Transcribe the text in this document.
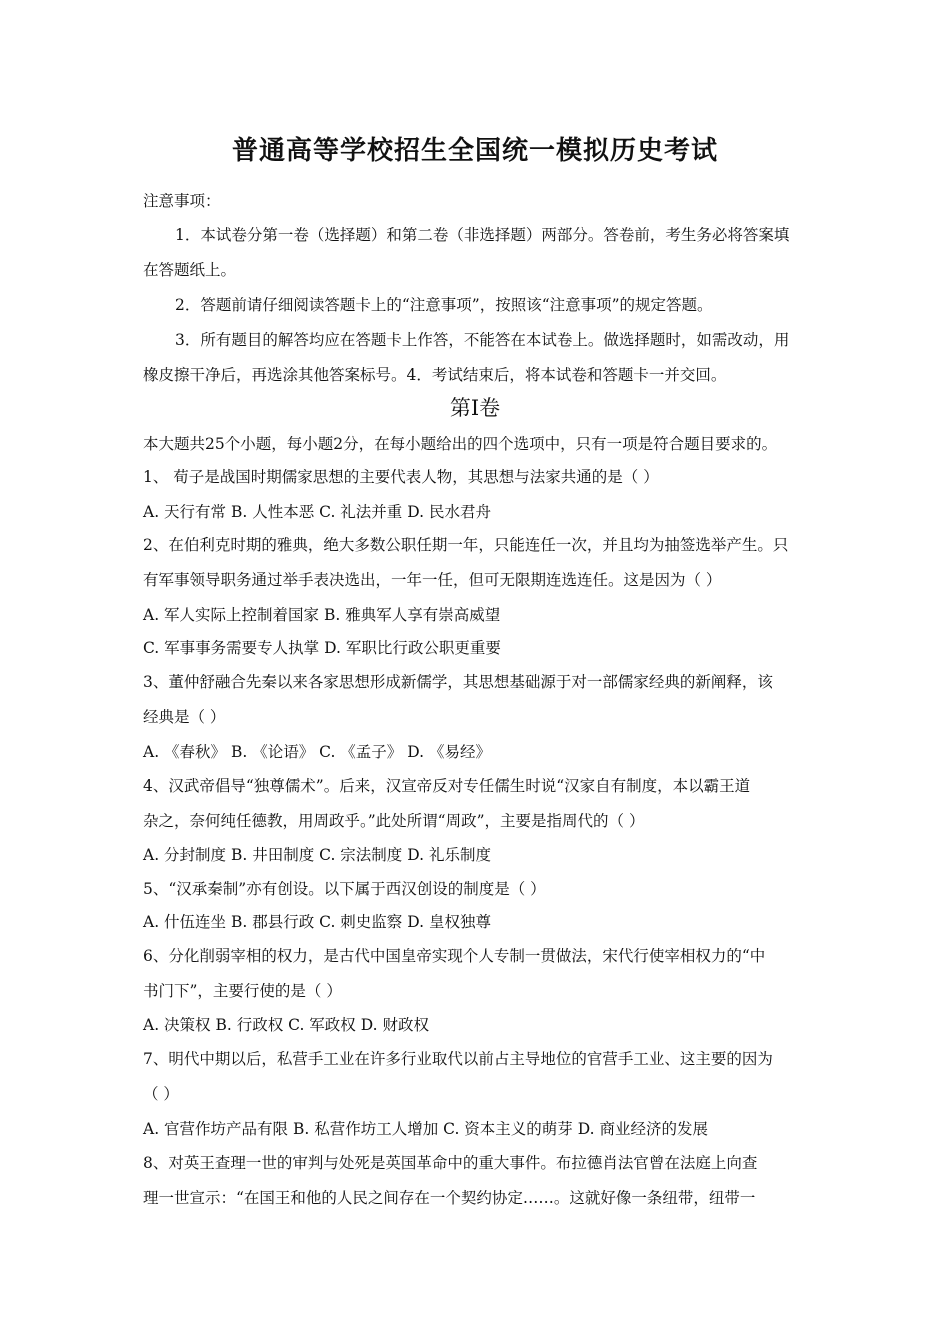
普通高等学校招生全国统一模拟历史考试
注意事项：
1．本试卷分第一卷（选择题）和第二卷（非选择题）两部分。答卷前，考生务必将答案填
在答题纸上。
2．答题前请仔细阅读答题卡上的“注意事项”，按照该“注意事项”的规定答题。
3．所有题目的解答均应在答题卡上作答，不能答在本试卷上。做选择题时，如需改动，用
橡皮擦干净后，再选涂其他答案标号。4．考试结束后，将本试卷和答题卡一并交回。
第Ⅰ卷
本大题共25个小题，每小题2分，在每小题给出的四个选项中，只有一项是符合题目要求的。
1、 荀子是战国时期儒家思想的主要代表人物，其思想与法家共通的是（ ）
A. 天行有常 B. 人性本恶 C. 礼法并重 D. 民水君舟
2、在伯利克时期的雅典，绝大多数公职任期一年，只能连任一次，并且均为抽签选举产生。只
有军事领导职务通过举手表决选出，一年一任，但可无限期连选连任。这是因为（ ）
A. 军人实际上控制着国家 B. 雅典军人享有崇高威望
C. 军事事务需要专人执掌 D. 军职比行政公职更重要
3、董仲舒融合先秦以来各家思想形成新儒学，其思想基础源于对一部儒家经典的新阐释，该
经典是（ ）
A. 《春秋》 B. 《论语》 C. 《孟子》 D. 《易经》
4、汉武帝倡导“独尊儒术”。后来，汉宣帝反对专任儒生时说“汉家自有制度，本以霸王道
杂之，奈何纯任德教，用周政乎。”此处所谓“周政”，主要是指周代的（ ）
A. 分封制度 B. 井田制度 C. 宗法制度 D. 礼乐制度
5、“汉承秦制”亦有创设。以下属于西汉创设的制度是（ ）
A. 什伍连坐 B. 郡县行政 C. 刺史监察 D. 皇权独尊
6、分化削弱宰相的权力，是古代中国皇帝实现个人专制一贯做法，宋代行使宰相权力的“中
书门下”，主要行使的是（ ）
A. 决策权 B. 行政权 C. 军政权 D. 财政权
7、明代中期以后，私营手工业在许多行业取代以前占主导地位的官营手工业、这主要的因为
（ ）
A. 官营作坊产品有限 B. 私营作坊工人增加 C. 资本主义的萌芽 D. 商业经济的发展
8、对英王查理一世的审判与处死是英国革命中的重大事件。布拉德肖法官曾在法庭上向查
理一世宣示：“在国王和他的人民之间存在一个契约协定……。这就好像一条纽带，纽带一
